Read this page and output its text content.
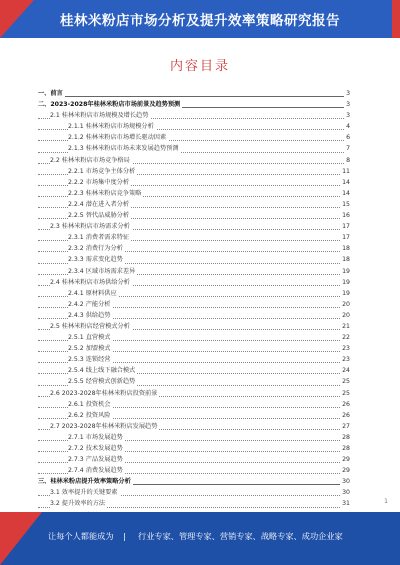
桂林米粉店市场分析及提升效率策略研究报告
内容目录
一、前言	3
二、2023-2028年桂林米粉店市场前景及趋势预测	3
2.1 桂林米粉店市场规模及增长趋势	3
2.1.1 桂林米粉店市场规模分析	4
2.1.2 桂林米粉店市场增长驱动因素	6
2.1.3 桂林米粉店市场未来发展趋势预测	7
2.2 桂林米粉店市场竞争格局	8
2.2.1 市场竞争主体分析	11
2.2.2 市场集中度分析	14
2.2.3 桂林米粉店竞争策略	14
2.2.4 潜在进入者分析	15
2.2.5 替代品威胁分析	16
2.3 桂林米粉店市场需求分析	17
2.3.1 消费者需求特征	17
2.3.2 消费行为分析	18
2.3.3 需求变化趋势	18
2.3.4 区域市场需求差异	19
2.4 桂林米粉店市场供给分析	19
2.4.1 原材料供应	19
2.4.2 产能分析	20
2.4.3 供给趋势	20
2.5 桂林米粉店经营模式分析	21
2.5.1 直营模式	22
2.5.2 加盟模式	23
2.5.3 连锁经营	23
2.5.4 线上线下融合模式	24
2.5.5 经营模式创新趋势	25
2.6 2023-2028年桂林米粉店投资前景	25
2.6.1 投资机会	26
2.6.2 投资风险	26
2.7 2023-2028年桂林米粉店发展趋势	27
2.7.1 市场发展趋势	28
2.7.2 技术发展趋势	28
2.7.3 产品发展趋势	29
2.7.4 消费发展趋势	29
三、桂林米粉店提升效率策略分析	30
3.1 效率提升的关键要素	30
3.2 提升效率的方法	31	1
让每个人都能成为 | 行业专家、管理专家、营销专家、战略专家、成功企业家
